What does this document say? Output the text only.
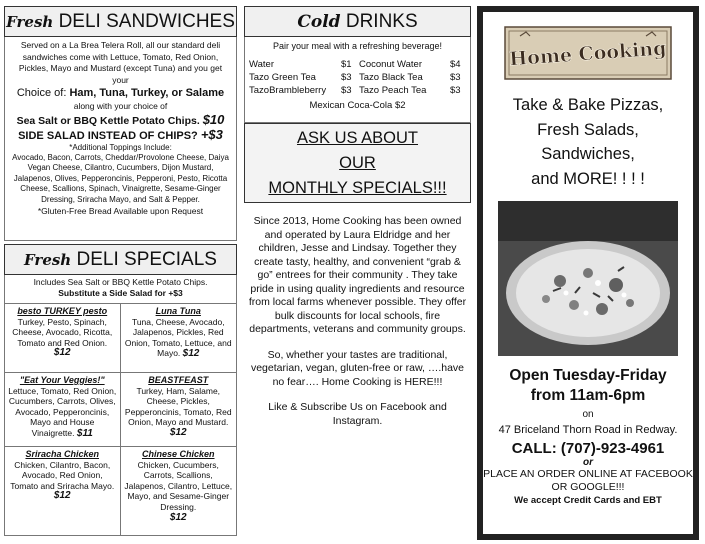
Fresh DELI SANDWICHES
Served on a La Brea Telera Roll, all our standard deli sandwiches come with Lettuce, Tomato, Red Onion, Pickles, Mayo and Mustard (except Tuna) and you get your
Choice of: Ham, Tuna, Turkey, or Salame
along with your choice of
Sea Salt or BBQ Kettle Potato Chips. $10
SIDE SALAD INSTEAD OF CHIPS? +$3
*Additional Toppings Include:
Avocado, Bacon, Carrots, Cheddar/Provolone Cheese, Daiya Vegan Cheese, Cilantro, Cucumbers, Dijon Mustard, Jalapenos, Olives, Pepperoncinis, Pepperoni, Pesto, Ricotta Cheese, Scallions, Spinach, Vinaigrette, Sesame-Ginger Dressing, Sriracha Mayo, and Salt & Pepper.
*Gluten-Free Bread Available upon Request
Fresh DELI SPECIALS
Includes Sea Salt or BBQ Kettle Potato Chips.
Substitute a Side Salad for +$3
besto TURKEY pesto
Turkey, Pesto, Spinach, Cheese, Avocado, Ricotta, Tomato and Red Onion.
$12
Luna Tuna
Tuna, Cheese, Avocado, Jalapenos, Pickles, Red Onion, Tomato, Lettuce, and Mayo. $12
"Eat Your Veggies!"
Lettuce, Tomato, Red Onion, Cucumbers, Carrots, Olives, Avocado, Pepperoncinis, Mayo and House Vinaigrette. $11
BEASTFEAST
Turkey, Ham, Salame, Cheese, Pickles, Pepperoncinis, Tomato, Red Onion, Mayo and Mustard.
$12
Sriracha Chicken
Chicken, Cilantro, Bacon, Avocado, Red Onion, Tomato and Sriracha Mayo.
$12
Chinese Chicken
Chicken, Cucumbers, Carrots, Scallions, Jalapenos, Cilantro, Lettuce, Mayo, and Sesame-Ginger Dressing.
$12
Cold DRINKS
Pair your meal with a refreshing beverage!
Water	$1 Coconut Water	$4
Tazo Green Tea	$3 Tazo Black Tea	$3
TazoBrambleberry	$3 Tazo Peach Tea	$3
Mexican Coca-Cola $2
ASK US ABOUT
OUR
MONTHLY SPECIALS!!!

Since 2013, Home Cooking has been owned and operated by Laura Eldridge and her children, Jesse and Lindsay. Together they create tasty, healthy, and convenient “grab & go” entrees for their community . They take pride in using quality ingredients and resource from local farms whenever possible. They offer bulk discounts for local schools, fire departments, veterans and community groups.

So, whether your tastes are traditional, vegetarian, vegan, gluten-free or raw, ….have no fear…. Home Cooking is HERE!!!

Like & Subscribe Us on Facebook and Instagram.

Home Cooking
Take & Bake Pizzas,
Fresh Salads,
Sandwiches,
and MORE! ! ! !
Open Tuesday-Friday
from 11am-6pm
on
47 Briceland Thorn Road in Redway.
CALL: (707)-923-4961
or
PLACE AN ORDER ONLINE AT FACEBOOK OR GOOGLE!!!
We accept Credit Cards and EBT
